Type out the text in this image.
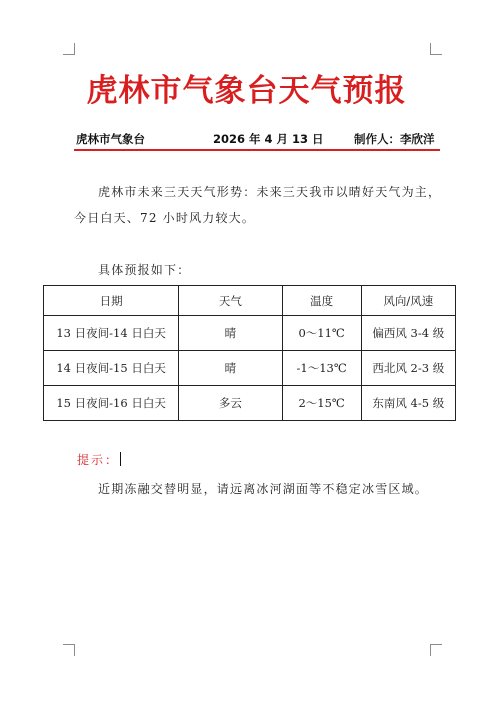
虎林市气象台天气预报
虎林市气象台	2026 年 4 月 13 日	制作人：李欣洋
虎林市未来三天天气形势：未来三天我市以晴好天气为主，今日白天、72 小时风力较大。
具体预报如下：
日期	天气	温度	风向/风速
13 日夜间-14 日白天	晴	0～11℃	偏西风 3-4 级
14 日夜间-15 日白天	晴	-1～13℃	西北风 2-3 级
15 日夜间-16 日白天	多云	2～15℃	东南风 4-5 级
提示：
近期冻融交替明显，请远离冰河湖面等不稳定冰雪区域。
